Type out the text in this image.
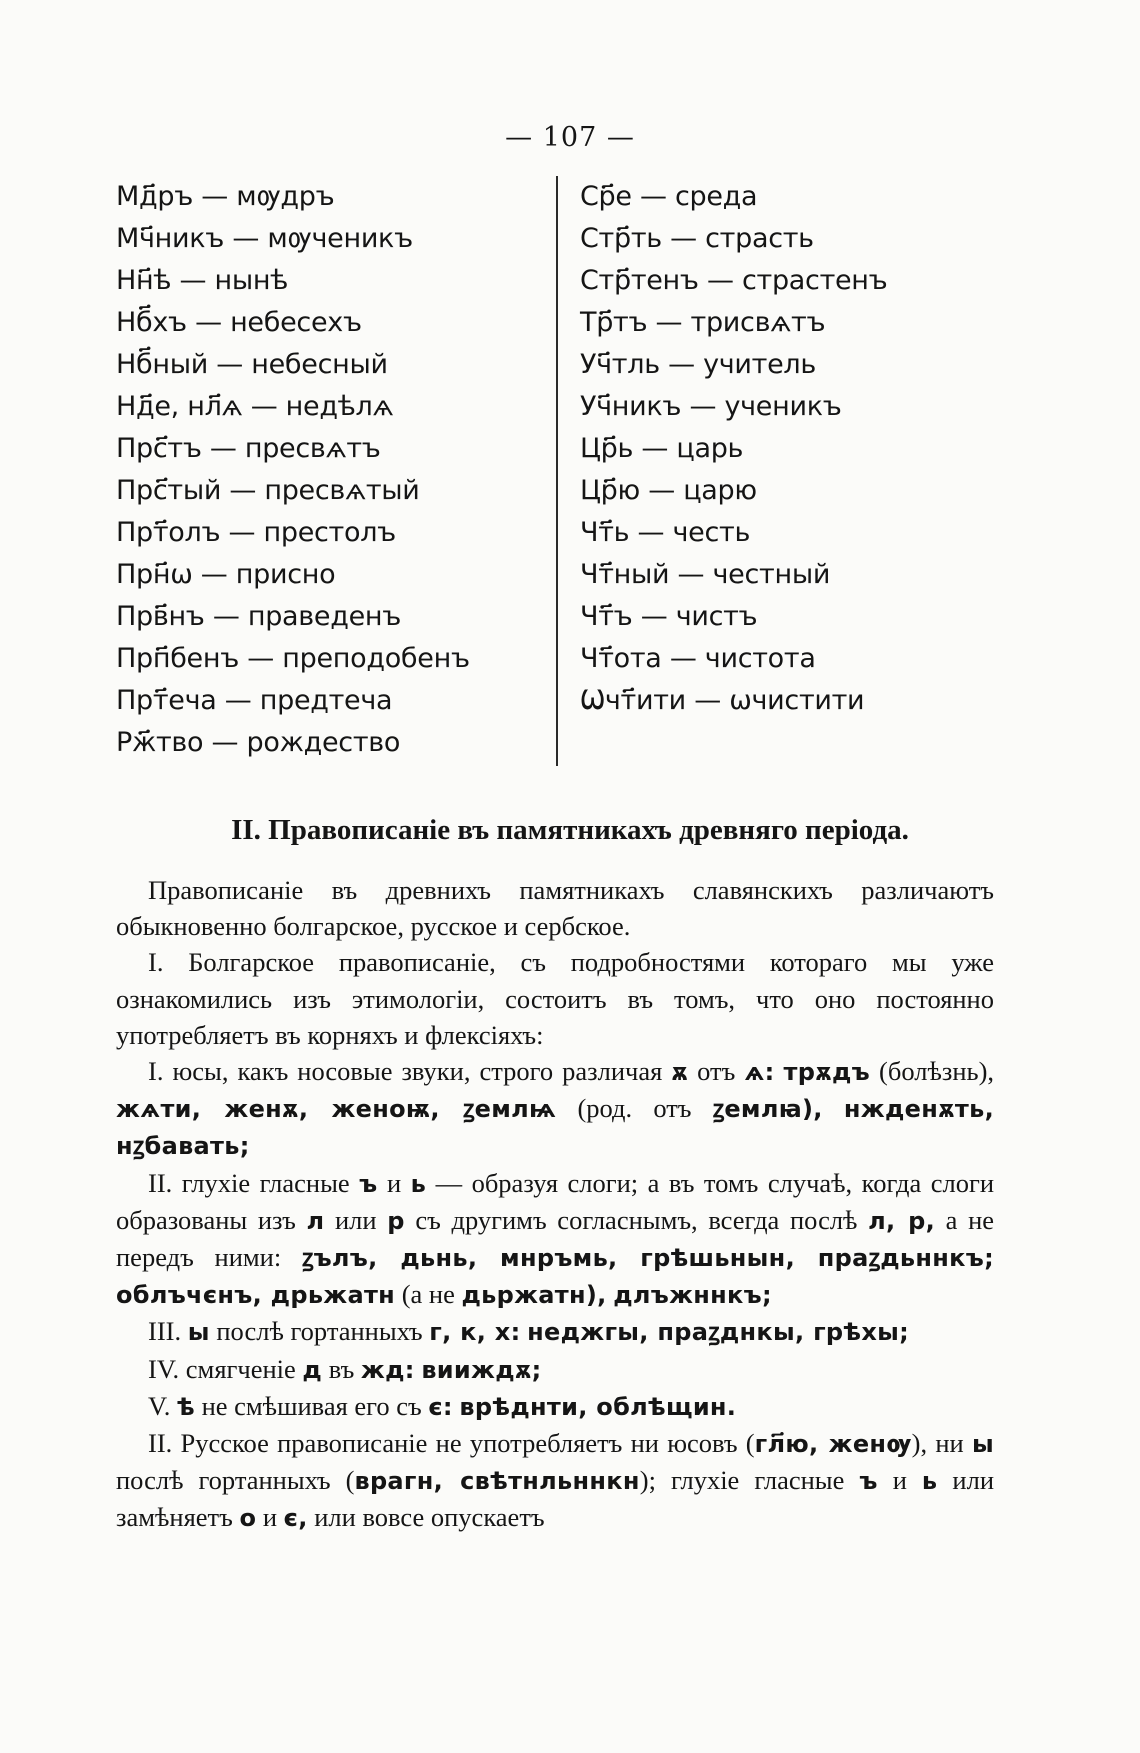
— 107 —
Мд҃ръ — мѹдръ
Мч҃никъ — мѹченикъ
Нн҃ѣ — нынѣ
Нб҃хъ — небесехъ
Нб҃ный — небесный
Нд҃е, нл҃ѧ — недѣлѧ
Прс҃тъ — пресвѧтъ
Прс҃тый — пресвѧтый
Прт҃олъ — престолъ
Прн҃ѡ — присно
Прв҃нъ — праведенъ
Прп҃бенъ — преподобенъ
Прт҃еча — предтеча
Рж҃тво — рождество
Ср҃е — среда
Стр҃ть — страсть
Стр҃тенъ — страстенъ
Тр҃тъ — трисвѧтъ
Уч҃тль — учитель
Уч҃никъ — ученикъ
Цр҃ь — царь
Цр҃ю — царю
Чт҃ь — честь
Чт҃ный — честный
Чт҃ъ — чистъ
Чт҃ота — чистота
Ѡчт҃ити — ѡчистити
II. Правописаніе въ памятникахъ древняго періода.

Правописаніе въ древнихъ памятникахъ славянскихъ различаютъ обыкновенно болгарское, русское и сербское.

I. Болгарское правописаніе, съ подробностями котораго мы уже ознакомились изъ этимологіи, состоитъ въ томъ, что оно постоянно употребляетъ въ корняхъ и флексіяхъ:

I. юсы, какъ носовые звуки, строго различая ѫ отъ ѧ: трѫдъ (болѣзнь), жѧти, женѫ, женоѭ, ꙁемлѩ (род. отъ ꙁемлꙗ), нжденѫть, нꙁбавать;

II. глухіе гласные ъ и ь — образуя слоги; а въ томъ случаѣ, когда слоги образованы изъ л или р съ другимъ согласнымъ, всегда послѣ л, р, а не передъ ними: ꙁълъ, дьнь, мнръмь, грѣшьнын, праꙁдьннкъ; облъчєнъ, дрьжатн (а не дьржатн), длъжннкъ;

III. ы послѣ гортанныхъ г, к, х: неджгы, праꙁднкы, грѣхы;

IV. смягченіе д въ жд: вииждѫ;

V. ѣ не смѣшивая его съ є: врѣднти, облѣщин.

II. Русское правописаніе не употребляетъ ни юсовъ (гл҃ю, женѹ), ни ы послѣ гортанныхъ (врагн, свѣтнльннкн); глухіе гласные ъ и ь или замѣняетъ о и є, или вовсе опускаетъ
